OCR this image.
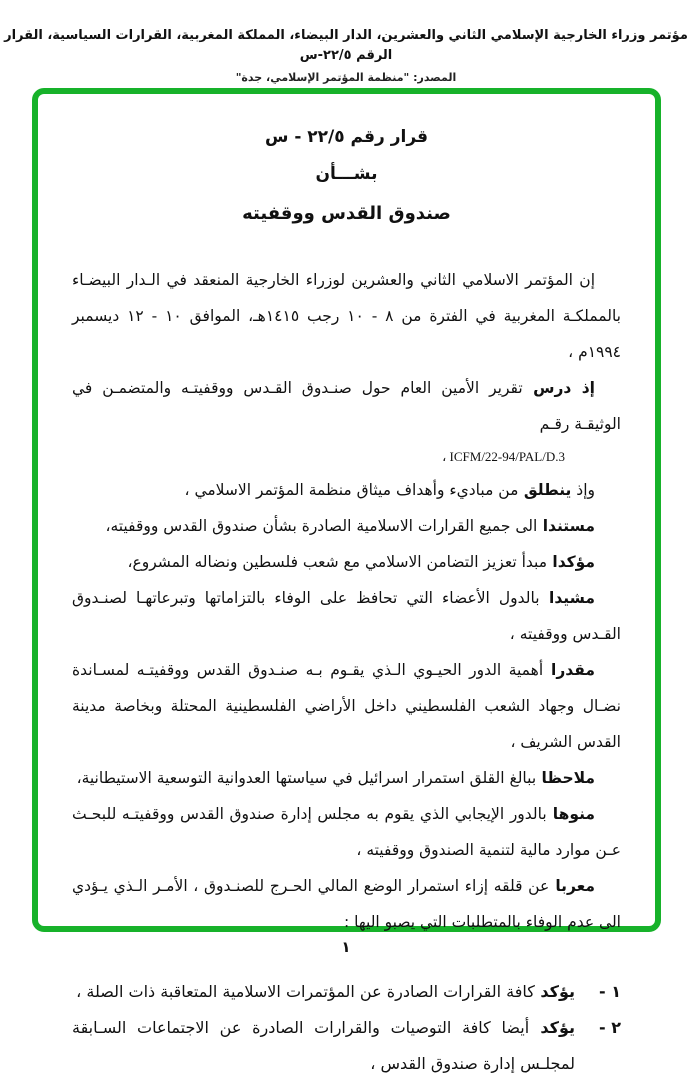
مؤتمر وزراء الخارجية الإسلامي الثاني والعشرين، الدار البيضاء، المملكة المغربية، القرارات السياسية، القرار الرقم ٢٢/٥-س
المصدر: "منظمة المؤتمر الإسلامي، جدة"
قرار رقم ٢٢/٥ - س
بشـــأن
صندوق القدس ووقفيته
إن المؤتمر الاسلامي الثاني والعشرين لوزراء الخارجية المنعقد في الـدار البيضـاء بالمملكـة المغربية في الفترة من ٨ - ١٠ رجب ١٤١٥هـ، الموافق ١٠ - ١٢ ديسمبر ١٩٩٤م ،
إذ درس تقرير الأمين العام حول صنـدوق القـدس ووقفيتـه والمتضمـن في الوثيقـة رقـم
ICFM/22-94/PAL/D.3 ،
وإذ ينطلق من مباديء وأهداف ميثاق منظمة المؤتمر الاسلامي ،
مستندا الى جميع القرارات الاسلامية الصادرة بشأن صندوق القدس ووقفيته،
مؤكدا مبدأ تعزيز التضامن الاسلامي مع شعب فلسطين ونضاله المشروع،
مشيدا بالدول الأعضاء التي تحافظ على الوفاء بالتزاماتها وتبرعاتهـا لصنـدوق القـدس ووقفيته ،
مقدرا أهمية الدور الحيـوي الـذي يقـوم بـه صنـدوق القدس ووقفيتـه لمسـاندة نضـال وجهاد الشعب الفلسطيني داخل الأراضي الفلسطينية المحتلة وبخاصة مدينة القدس الشريف ،
ملاحظا ببالغ القلق استمرار اسرائيل في سياستها العدوانية التوسعية الاستيطانية،
منوها بالدور الإيجابي الذي يقوم به مجلس إدارة صندوق القدس ووقفيتـه للبحـث عـن موارد مالية لتنمية الصندوق ووقفيته ،
معربا عن قلقه إزاء استمرار الوضع المالي الحـرج للصنـدوق ، الأمـر الـذي يـؤدي الى عدم الوفاء بالمتطلبات التي يصبو اليها :
١ -
يؤكد كافة القرارات الصادرة عن المؤتمرات الاسلامية المتعاقبة ذات الصلة ،
٢ -
يؤكد أيضا كافة التوصيات والقرارات الصادرة عن الاجتماعات السـابقة لمجلـس إدارة صندوق القدس ،
١
